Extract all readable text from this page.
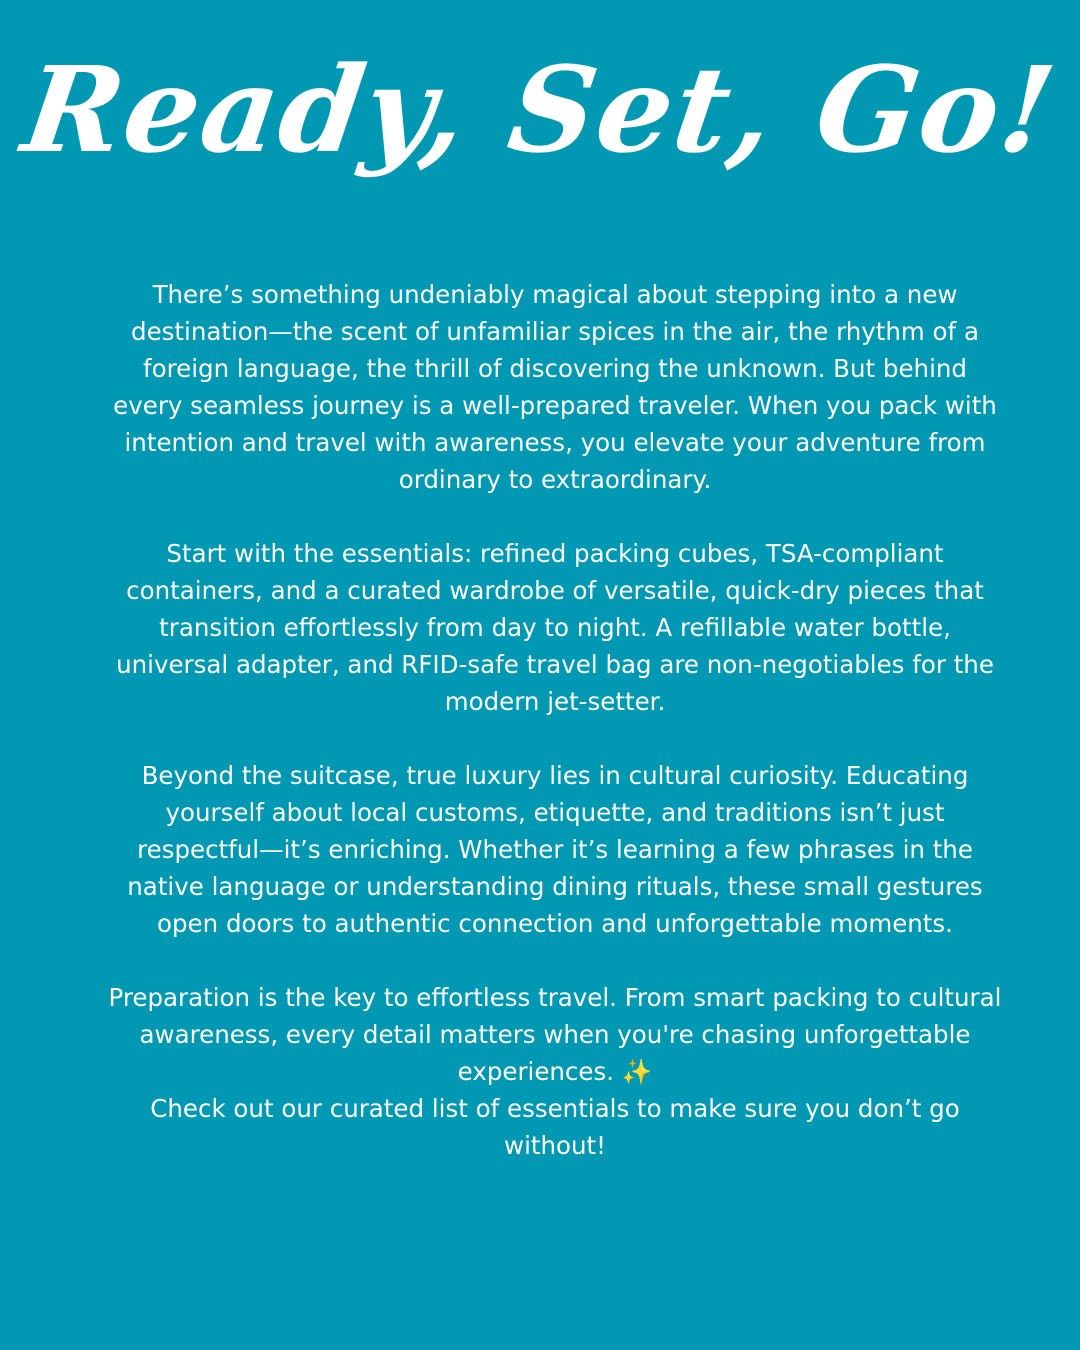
Ready, Set, Go!

There’s something undeniably magical about stepping into a new destination—the scent of unfamiliar spices in the air, the rhythm of a foreign language, the thrill of discovering the unknown. But behind every seamless journey is a well-prepared traveler. When you pack with intention and travel with awareness, you elevate your adventure from ordinary to extraordinary.

Start with the essentials: refined packing cubes, TSA-compliant containers, and a curated wardrobe of versatile, quick-dry pieces that transition effortlessly from day to night. A refillable water bottle, universal adapter, and RFID-safe travel bag are non-negotiables for the modern jet-setter.

Beyond the suitcase, true luxury lies in cultural curiosity. Educating yourself about local customs, etiquette, and traditions isn’t just respectful—it’s enriching. Whether it’s learning a few phrases in the native language or understanding dining rituals, these small gestures open doors to authentic connection and unforgettable moments.

Preparation is the key to effortless travel. From smart packing to cultural awareness, every detail matters when you're chasing unforgettable experiences. ✨

Check out our curated list of essentials to make sure you don’t go without!
